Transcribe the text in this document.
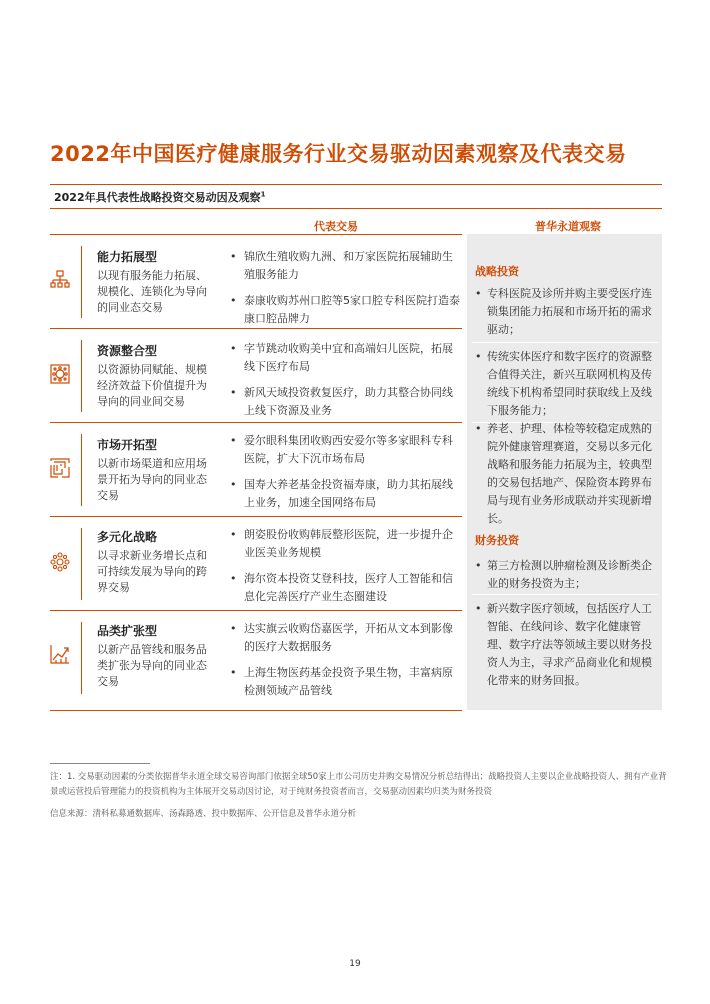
2022年中国医疗健康服务行业交易驱动因素观察及代表交易
2022年具代表性战略投资交易动因及观察$^1$
代表交易	普华永道观察
能力拓展型
以现有服务能力拓展、规模化、连锁化为导向的同业态交易
• 锦欣生殖收购九洲、和万家医院拓展辅助生殖服务能力
• 泰康收购苏州口腔等5家口腔专科医院打造泰康口腔品牌力
资源整合型
以资源协同赋能、规模经济效益下价值提升为导向的同业间交易
• 字节跳动收购美中宜和高端妇儿医院，拓展线下医疗布局
• 新风天域投资救复医疗，助力其整合协同线上线下资源及业务
市场开拓型
以新市场渠道和应用场景开拓为导向的同业态交易
• 爱尔眼科集团收购西安爱尔等多家眼科专科医院，扩大下沉市场布局
• 国寿大养老基金投资福寿康，助力其拓展线上业务，加速全国网络布局
多元化战略
以寻求新业务增长点和可持续发展为导向的跨界交易
• 朗姿股份收购韩辰整形医院，进一步提升企业医美业务规模
• 海尔资本投资艾登科技，医疗人工智能和信息化完善医疗产业生态圈建设
品类扩张型
以新产品管线和服务品类扩张为导向的同业态交易
• 达实旗云收购岱嘉医学，开拓从文本到影像的医疗大数据服务
• 上海生物医药基金投资予果生物，丰富病原检测领域产品管线
战略投资
• 专科医院及诊所并购主要受医疗连锁集团能力拓展和市场开拓的需求驱动；
• 传统实体医疗和数字医疗的资源整合值得关注，新兴互联网机构及传统线下机构希望同时获取线上及线下服务能力；
• 养老、护理、体检等较稳定成熟的院外健康管理赛道，交易以多元化战略和服务能力拓展为主，较典型的交易包括地产、保险资本跨界布局与现有业务形成联动并实现新增长。
财务投资
• 第三方检测以肿瘤检测及诊断类企业的财务投资为主；
• 新兴数字医疗领域，包括医疗人工智能、在线问诊、数字化健康管理、数字疗法等领域主要以财务投资人为主，寻求产品商业化和规模化带来的财务回报。
注：1. 交易驱动因素的分类依据普华永道全球交易咨询部门依据全球50家上市公司历史并购交易情况分析总结得出；战略投资人主要以企业战略投资人、拥有产业背景或运营投后管理能力的投资机构为主体展开交易动因讨论，对于纯财务投资者而言，交易驱动因素均归类为财务投资
信息来源：清科私募通数据库、汤森路透、投中数据库、公开信息及普华永道分析
19
